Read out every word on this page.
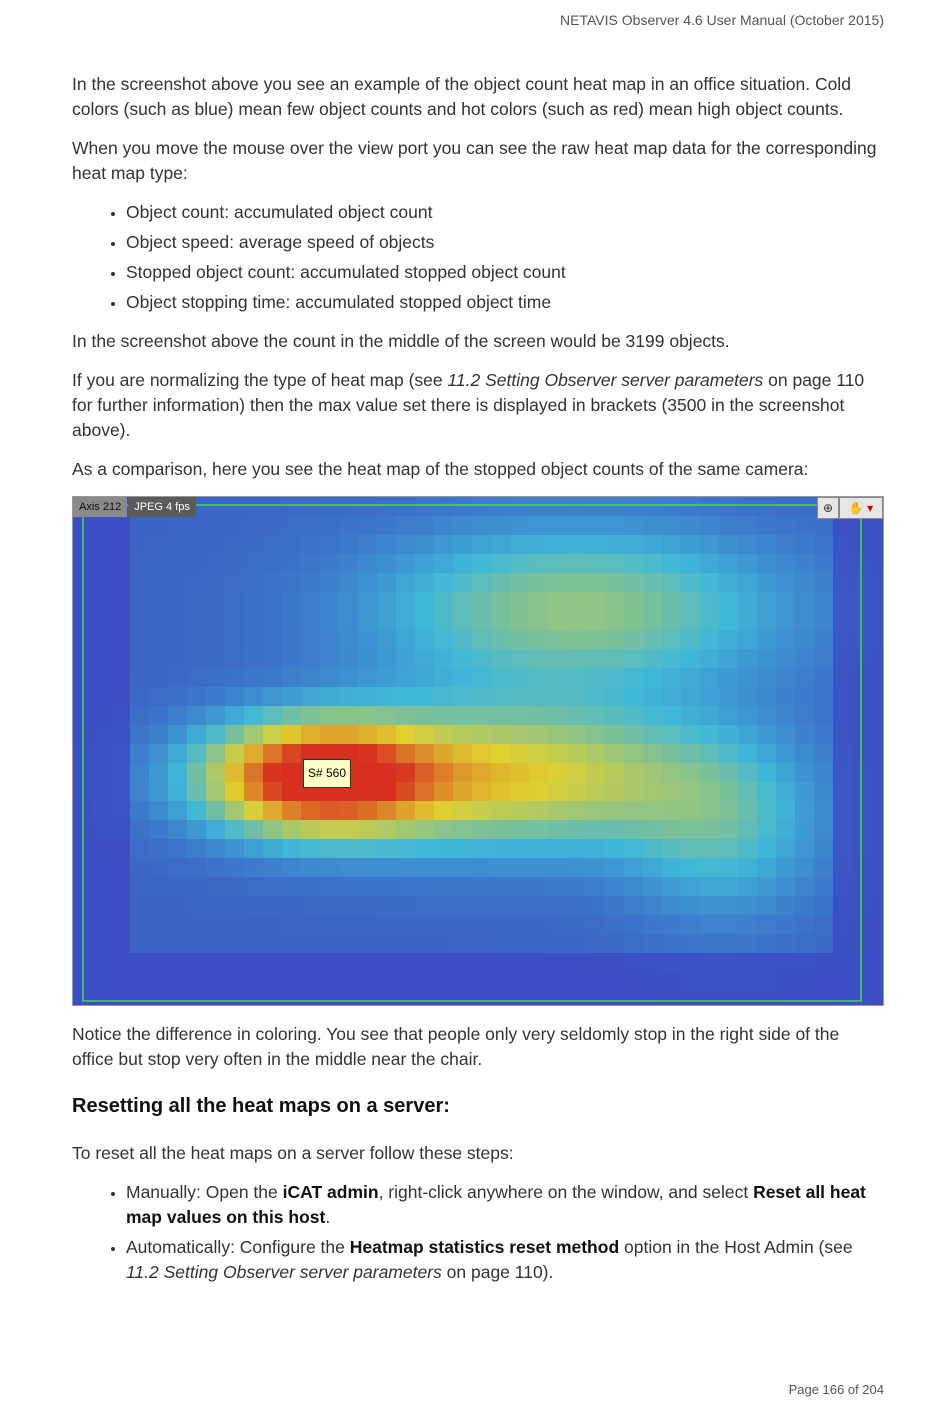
NETAVIS Observer 4.6 User Manual (October 2015)

In the screenshot above you see an example of the object count heat map in an office situation. Cold colors (such as blue) mean few object counts and hot colors (such as red) mean high object counts.

When you move the mouse over the view port you can see the raw heat map data for the corresponding heat map type:

• Object count: accumulated object count
• Object speed: average speed of objects
• Stopped object count: accumulated stopped object count
• Object stopping time: accumulated stopped object time

In the screenshot above the count in the middle of the screen would be 3199 objects.

If you are normalizing the type of heat map (see 11.2 Setting Observer server parameters on page 110 for further information) then the max value set there is displayed in brackets (3500 in the screenshot above).

As a comparison, here you see the heat map of the stopped object counts of the same camera:

Axis 212 JPEG 4 fps	⊕	✋ ▾
S# 560

Notice the difference in coloring. You see that people only very seldomly stop in the right side of the office but stop very often in the middle near the chair.

Resetting all the heat maps on a server:

To reset all the heat maps on a server follow these steps:

• Manually: Open the iCAT admin, right-click anywhere on the window, and select Reset all heat map values on this host.
• Automatically: Configure the Heatmap statistics reset method option in the Host Admin (see 11.2 Setting Observer server parameters on page 110).
Page 166 of 204
